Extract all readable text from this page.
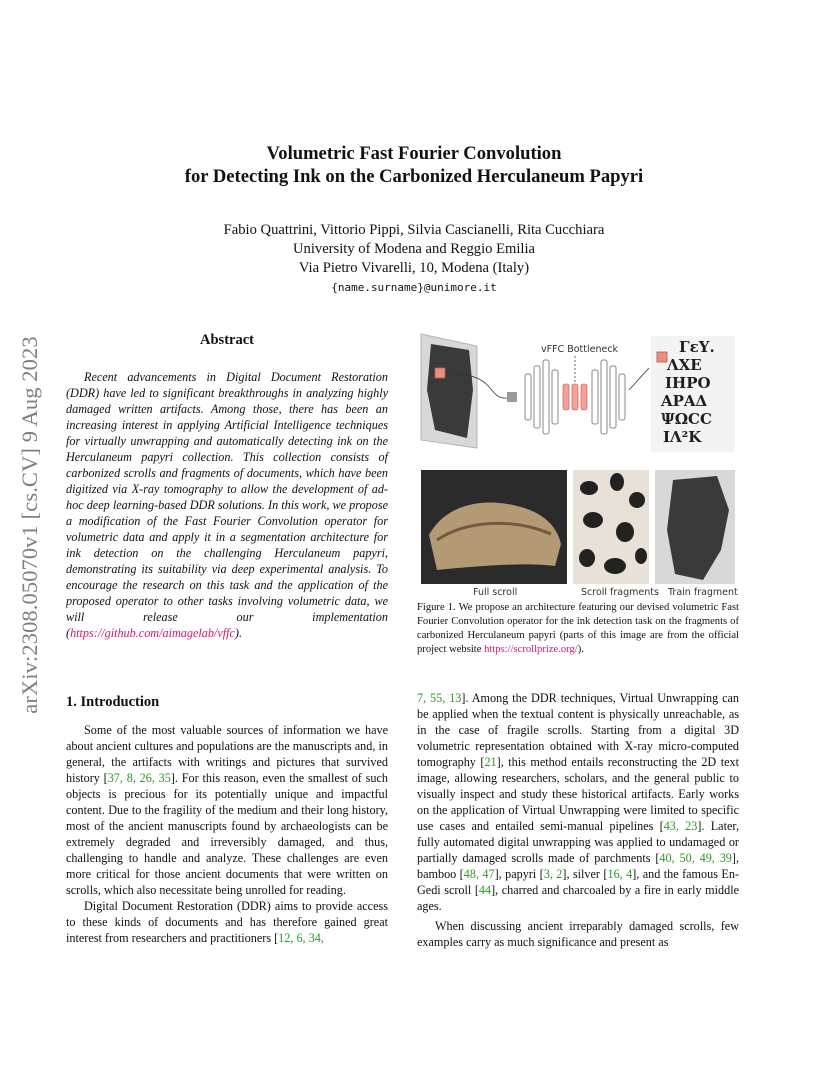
arXiv:2308.05070v1 [cs.CV] 9 Aug 2023
Volumetric Fast Fourier Convolution
for Detecting Ink on the Carbonized Herculaneum Papyri
Fabio Quattrini, Vittorio Pippi, Silvia Cascianelli, Rita Cucchiara
University of Modena and Reggio Emilia
Via Pietro Vivarelli, 10, Modena (Italy)
{name.surname}@unimore.it
Abstract
Recent advancements in Digital Document Restoration (DDR) have led to significant breakthroughs in analyzing highly damaged written artifacts. Among those, there has been an increasing interest in applying Artificial Intelligence techniques for virtually unwrapping and automatically detecting ink on the Herculaneum papyri collection. This collection consists of carbonized scrolls and fragments of documents, which have been digitized via X-ray tomography to allow the development of ad-hoc deep learning-based DDR solutions. In this work, we propose a modification of the Fast Fourier Convolution operator for volumetric data and apply it in a segmentation architecture for ink detection on the challenging Herculaneum papyri, demonstrating its suitability via deep experimental analysis. To encourage the research on this task and the application of the proposed operator to other tasks involving volumetric data, we will release our implementation (https://github.com/aimagelab/vffc).
ΓεΥ.
ΛΧΕ
ΙΗΡΟ
ΑΡΑΔ
ΨΩCC
ΙΛ²Κ
vFFC Bottleneck
Full scroll	Scroll fragments Train fragment
Figure 1. We propose an architecture featuring our devised volumetric Fast Fourier Convolution operator for the ink detection task on the fragments of carbonized Herculaneum papyri (parts of this image are from the official project website https://scrollprize.org/).
1. Introduction

Some of the most valuable sources of information we have about ancient cultures and populations are the manuscripts and, in general, the artifacts with writings and pictures that survived history [37, 8, 26, 35]. For this reason, even the smallest of such objects is precious for its potentially unique and impactful content. Due to the fragility of the medium and their long history, most of the ancient manuscripts found by archaeologists can be extremely degraded and irreversibly damaged, and thus, challenging to handle and analyze. These challenges are even more critical for those ancient documents that were written on scrolls, which also necessitate being unrolled for reading.

Digital Document Restoration (DDR) aims to provide access to these kinds of documents and has therefore gained great interest from researchers and practitioners [12, 6, 34,

7, 55, 13]. Among the DDR techniques, Virtual Unwrapping can be applied when the textual content is physically unreachable, as in the case of fragile scrolls. Starting from a digital 3D volumetric representation obtained with X-ray micro-computed tomography [21], this method entails reconstructing the 2D text image, allowing researchers, scholars, and the general public to visually inspect and study these historical artifacts. Early works on the application of Virtual Unwrapping were limited to specific use cases and entailed semi-manual pipelines [43, 23]. Later, fully automated digital unwrapping was applied to undamaged or partially damaged scrolls made of parchments [40, 50, 49, 39], bamboo [48, 47], papyri [3, 2], silver [16, 4], and the famous En-Gedi scroll [44], charred and charcoaled by a fire in early middle ages.

When discussing ancient irreparably damaged scrolls, few examples carry as much significance and present as
